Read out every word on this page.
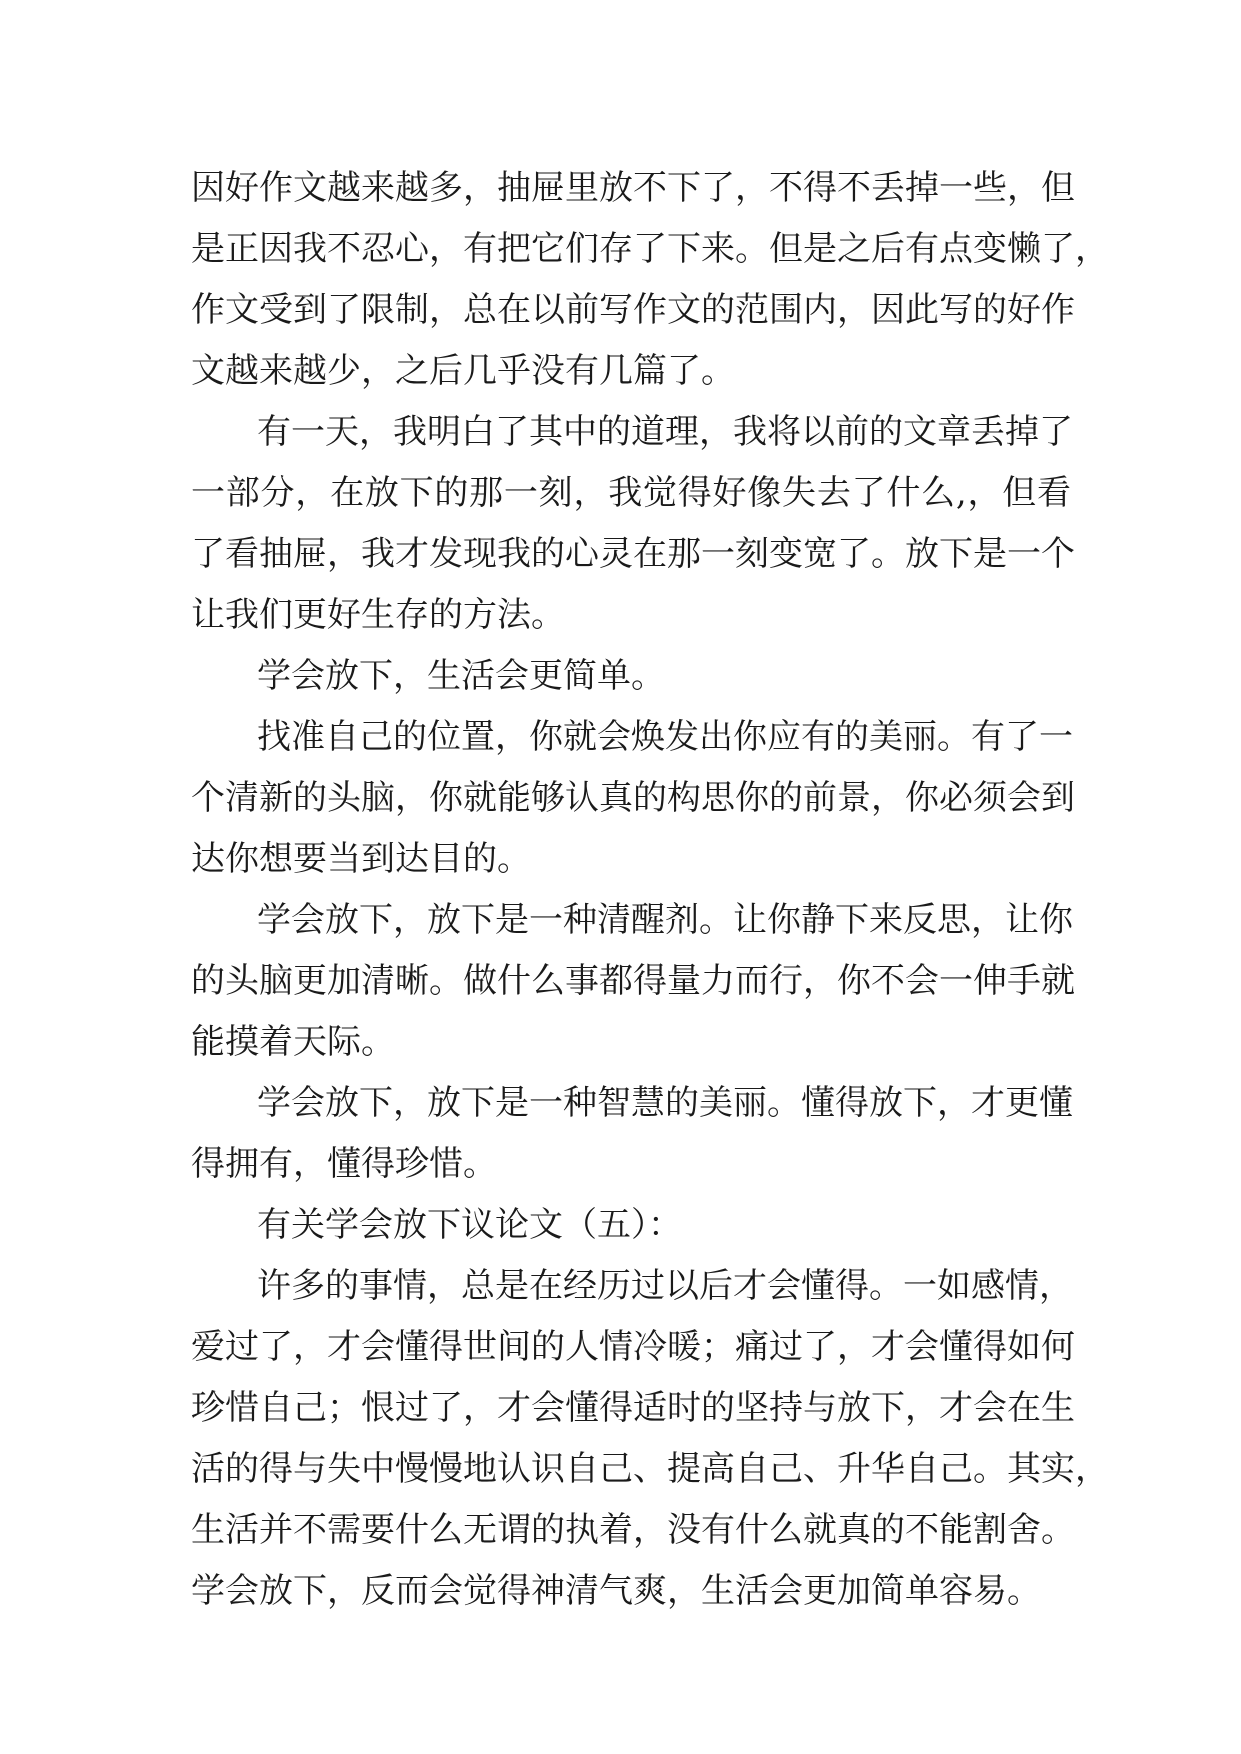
因好作文越来越多，抽屉里放不下了，不得不丢掉一些，但
是正因我不忍心，有把它们存了下来。但是之后有点变懒了，
作文受到了限制，总在以前写作文的范围内，因此写的好作
文越来越少，之后几乎没有几篇了。
有一天，我明白了其中的道理，我将以前的文章丢掉了
一部分，在放下的那一刻，我觉得好像失去了什么,，但看
了看抽屉，我才发现我的心灵在那一刻变宽了。放下是一个
让我们更好生存的方法。
学会放下，生活会更简单。
找准自己的位置，你就会焕发出你应有的美丽。有了一
个清新的头脑，你就能够认真的构思你的前景，你必须会到
达你想要当到达目的。
学会放下，放下是一种清醒剂。让你静下来反思，让你
的头脑更加清晰。做什么事都得量力而行，你不会一伸手就
能摸着天际。
学会放下，放下是一种智慧的美丽。懂得放下，才更懂
得拥有，懂得珍惜。
有关学会放下议论文（五）：
许多的事情，总是在经历过以后才会懂得。一如感情，
爱过了，才会懂得世间的人情冷暖；痛过了，才会懂得如何
珍惜自己；恨过了，才会懂得适时的坚持与放下，才会在生
活的得与失中慢慢地认识自己、提高自己、升华自己。其实，
生活并不需要什么无谓的执着，没有什么就真的不能割舍。
学会放下，反而会觉得神清气爽，生活会更加简单容易。
